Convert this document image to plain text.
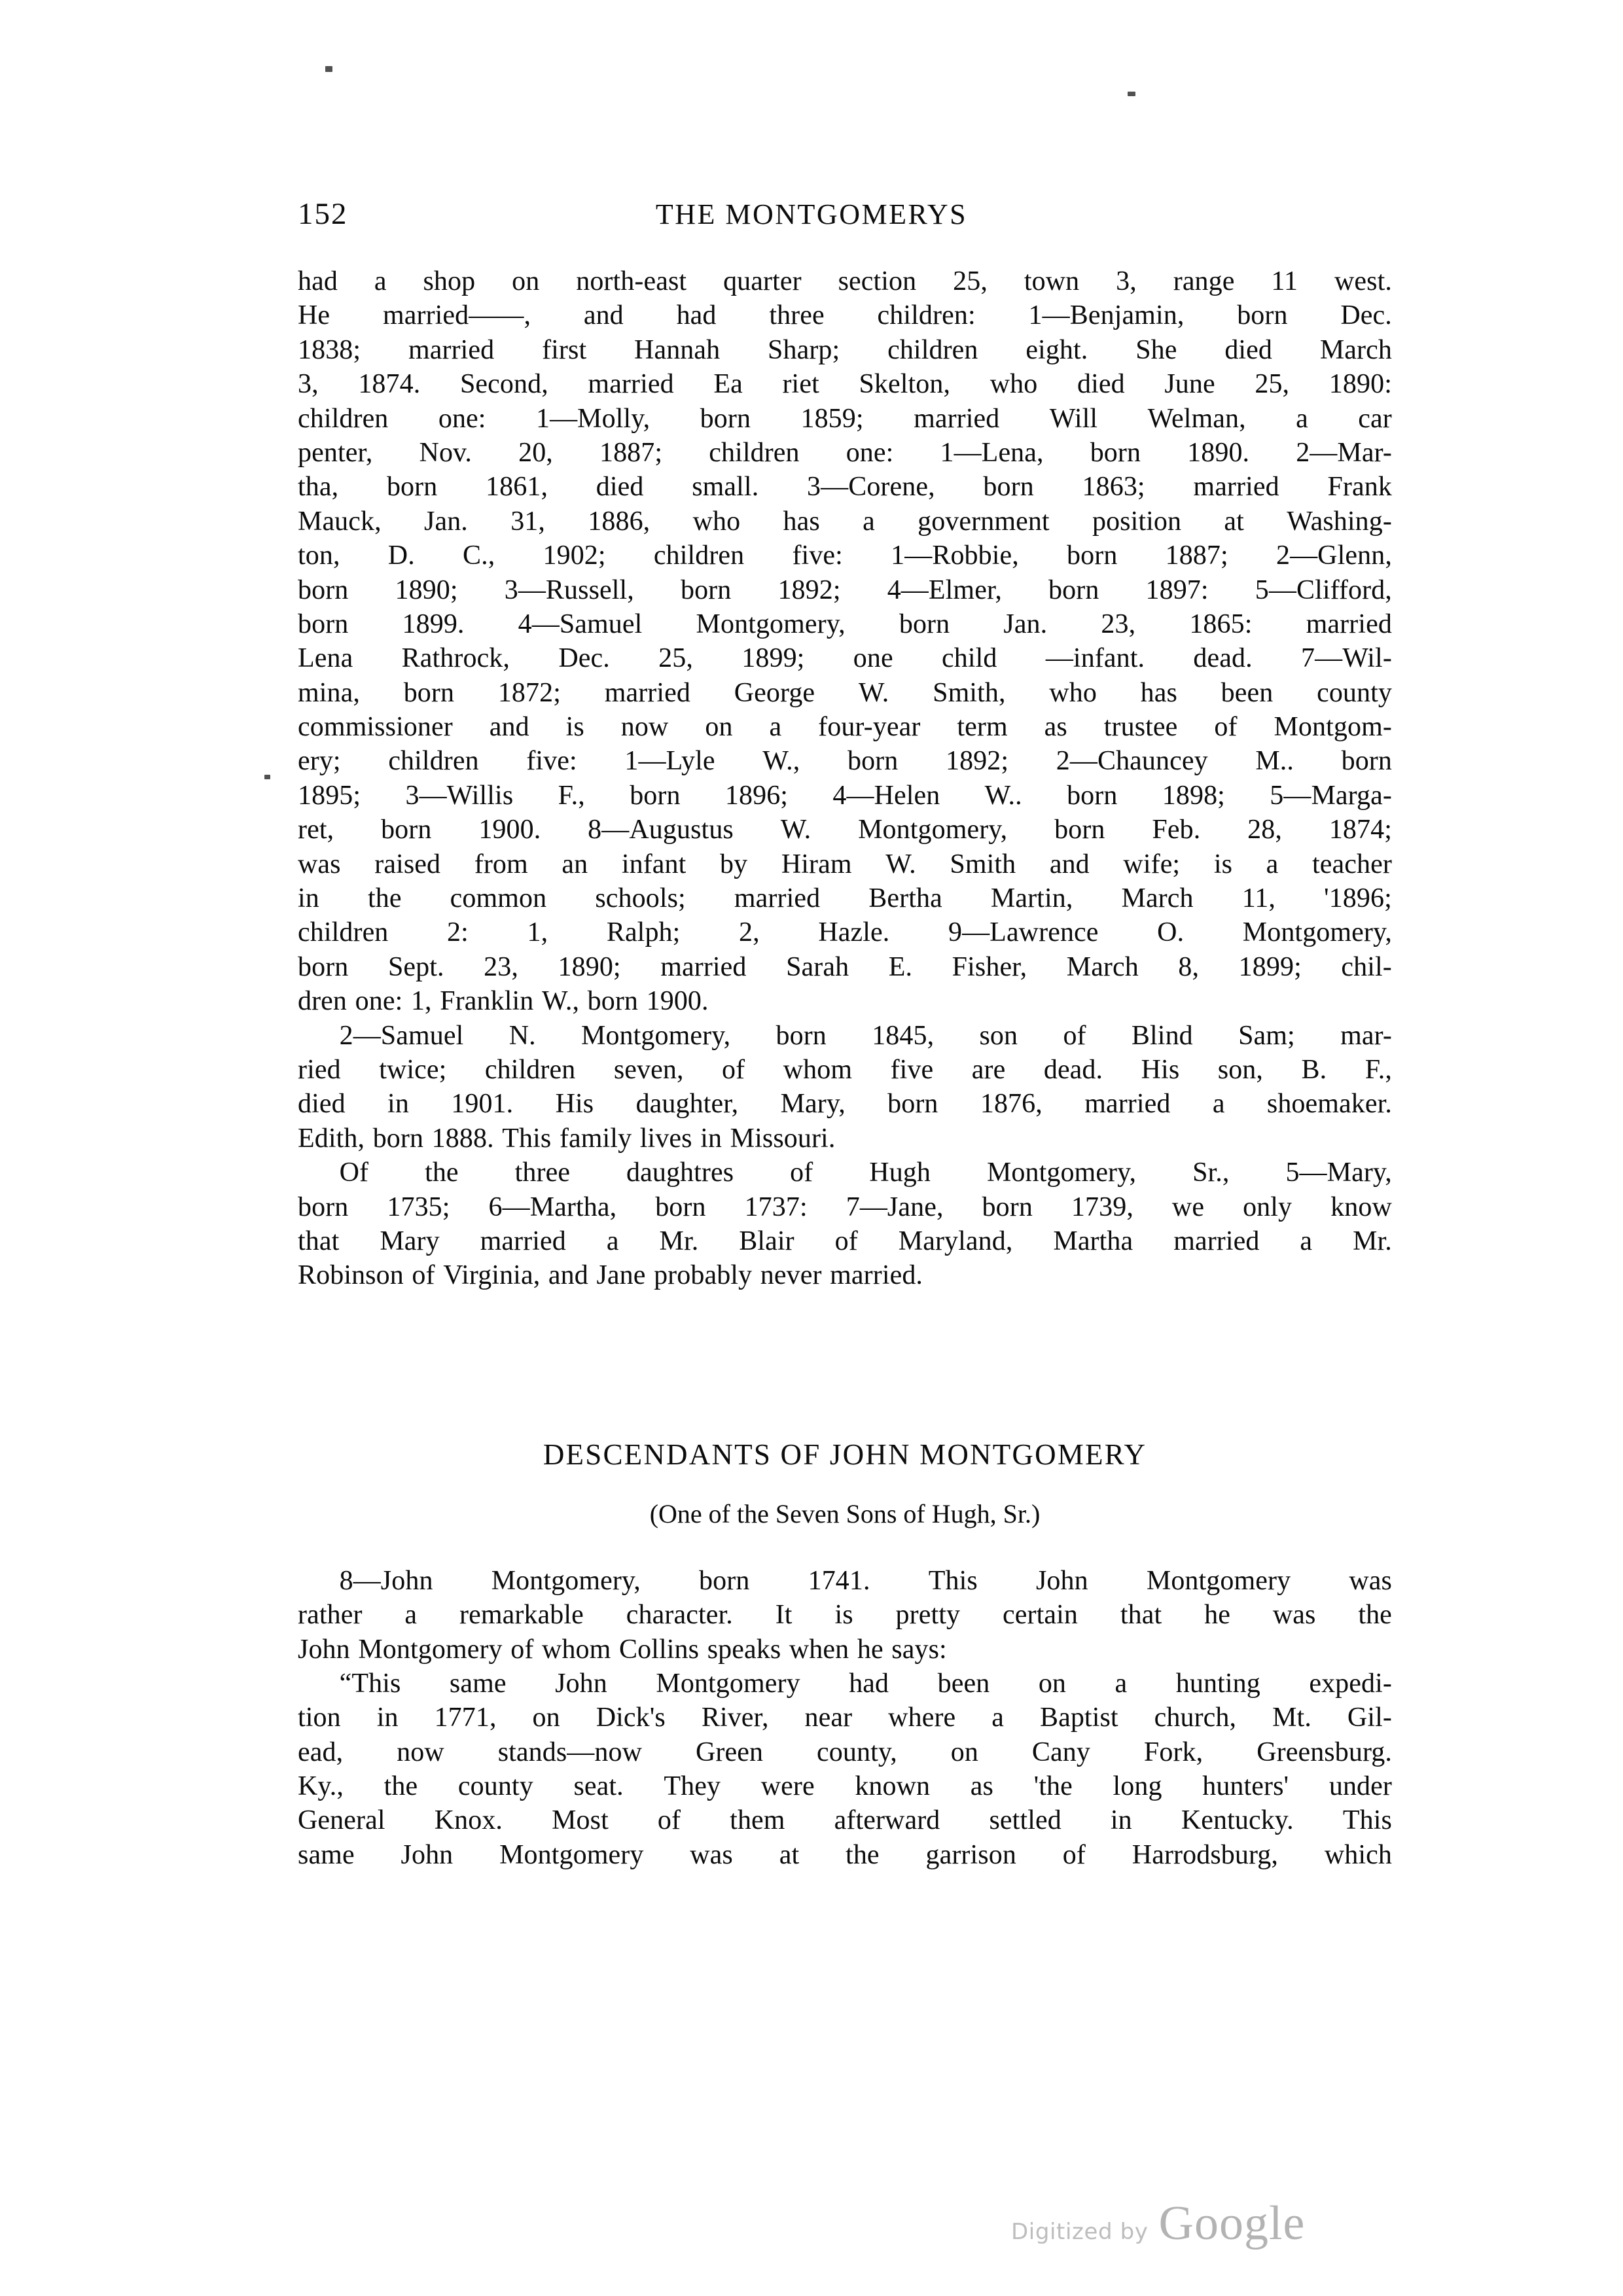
152	THE MONTGOMERYS
had a shop on north-east quarter section 25, town 3, range 11 west.
He married——, and had three children: 1—Benjamin, born Dec.
1838; married first Hannah Sharp; children eight. She died March
3, 1874. Second, married Ea riet Skelton, who died June 25, 1890:
children one: 1—Molly, born 1859; married Will Welman, a car
penter, Nov. 20, 1887; children one: 1—Lena, born 1890. 2—Mar-
tha, born 1861, died small. 3—Corene, born 1863; married Frank
Mauck, Jan. 31, 1886, who has a government position at Washing-
ton, D. C., 1902; children five: 1—Robbie, born 1887; 2—Glenn,
born 1890; 3—Russell, born 1892; 4—Elmer, born 1897: 5—Clifford,
born 1899. 4—Samuel Montgomery, born Jan. 23, 1865: married
Lena Rathrock, Dec. 25, 1899; one child —infant. dead. 7—Wil-
mina, born 1872; married George W. Smith, who has been county
commissioner and is now on a four-year term as trustee of Montgom-
ery; children five: 1—Lyle W., born 1892; 2—Chauncey M.. born
1895; 3—Willis F., born 1896; 4—Helen W.. born 1898; 5—Marga-
ret, born 1900. 8—Augustus W. Montgomery, born Feb. 28, 1874;
was raised from an infant by Hiram W. Smith and wife; is a teacher
in the common schools; married Bertha Martin, March 11, '1896;
children 2: 1, Ralph; 2, Hazle. 9—Lawrence O. Montgomery,
born Sept. 23, 1890; married Sarah E. Fisher, March 8, 1899; chil-
dren one: 1, Franklin W., born 1900.
2—Samuel N. Montgomery, born 1845, son of Blind Sam; mar-
ried twice; children seven, of whom five are dead. His son, B. F.,
died in 1901. His daughter, Mary, born 1876, married a shoemaker.
Edith, born 1888. This family lives in Missouri.
Of the three daughtres of Hugh Montgomery, Sr., 5—Mary,
born 1735; 6—Martha, born 1737: 7—Jane, born 1739, we only know
that Mary married a Mr. Blair of Maryland, Martha married a Mr.
Robinson of Virginia, and Jane probably never married.
DESCENDANTS OF JOHN MONTGOMERY
(One of the Seven Sons of Hugh, Sr.)
8—John Montgomery, born 1741. This John Montgomery was
rather a remarkable character. It is pretty certain that he was the
John Montgomery of whom Collins speaks when he says:
“This same John Montgomery had been on a hunting expedi-
tion in 1771, on Dick's River, near where a Baptist church, Mt. Gil-
ead, now stands—now Green county, on Cany Fork, Greensburg.
Ky., the county seat. They were known as 'the long hunters' under
General Knox. Most of them afterward settled in Kentucky. This
same John Montgomery was at the garrison of Harrodsburg, which
Digitized by Google
